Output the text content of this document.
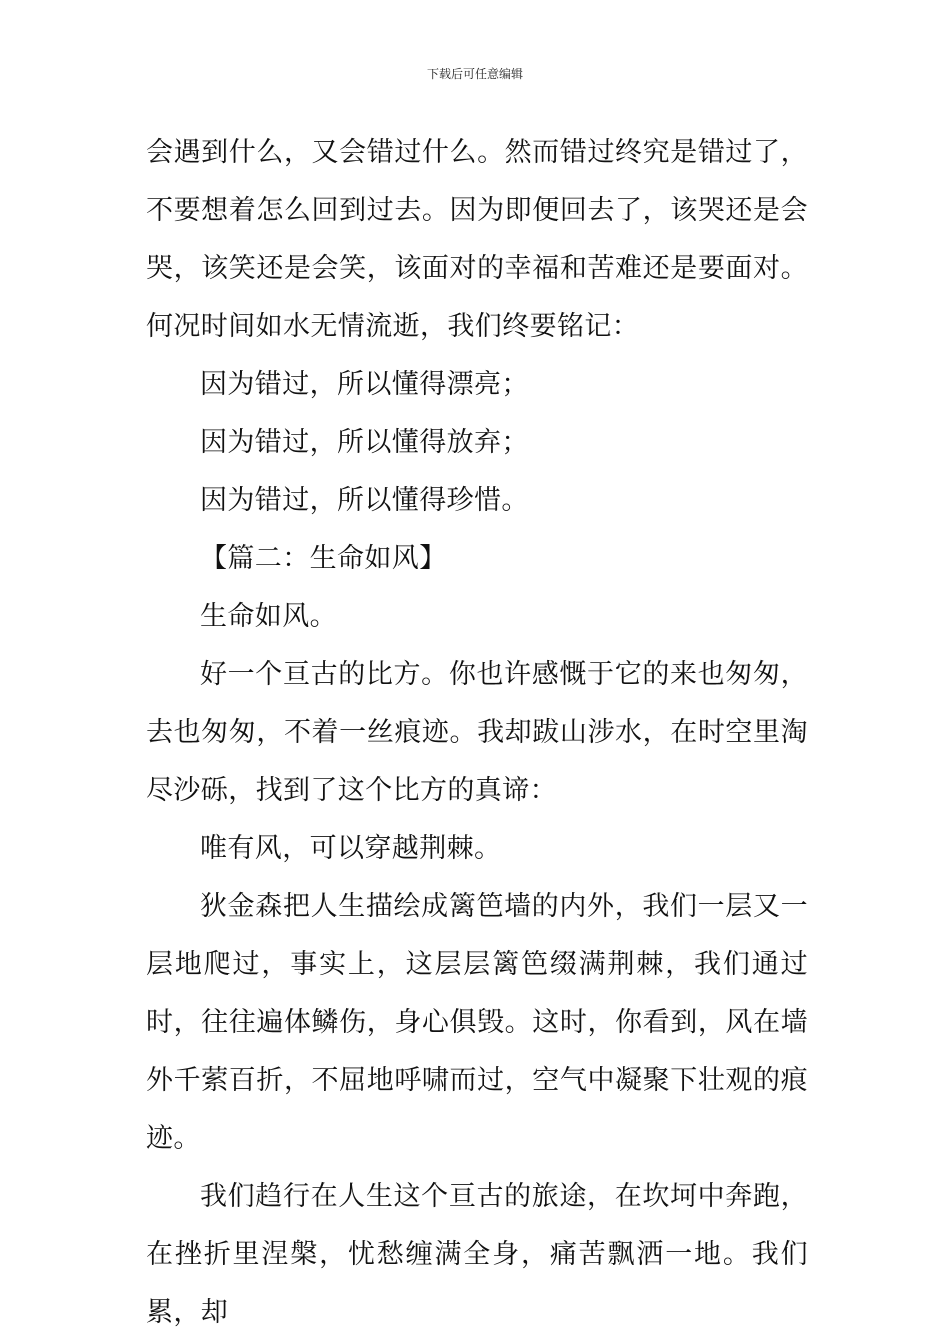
下载后可任意编辑

会遇到什么，又会错过什么。然而错过终究是错过了，不要想着怎么回到过去。因为即便回去了，该哭还是会哭，该笑还是会笑，该面对的幸福和苦难还是要面对。何况时间如水无情流逝，我们终要铭记：

因为错过，所以懂得漂亮；

因为错过，所以懂得放弃；

因为错过，所以懂得珍惜。

【篇二：生命如风】

生命如风。

好一个亘古的比方。你也许感慨于它的来也匆匆，去也匆匆，不着一丝痕迹。我却跋山涉水，在时空里淘尽沙砾，找到了这个比方的真谛：

唯有风，可以穿越荆棘。

狄金森把人生描绘成篱笆墙的内外，我们一层又一层地爬过，事实上，这层层篱笆缀满荆棘，我们通过时，往往遍体鳞伤，身心俱毁。这时，你看到，风在墙外千萦百折，不屈地呼啸而过，空气中凝聚下壮观的痕迹。

我们趋行在人生这个亘古的旅途，在坎坷中奔跑，在挫折里涅槃，忧愁缠满全身，痛苦飘洒一地。我们累，却
